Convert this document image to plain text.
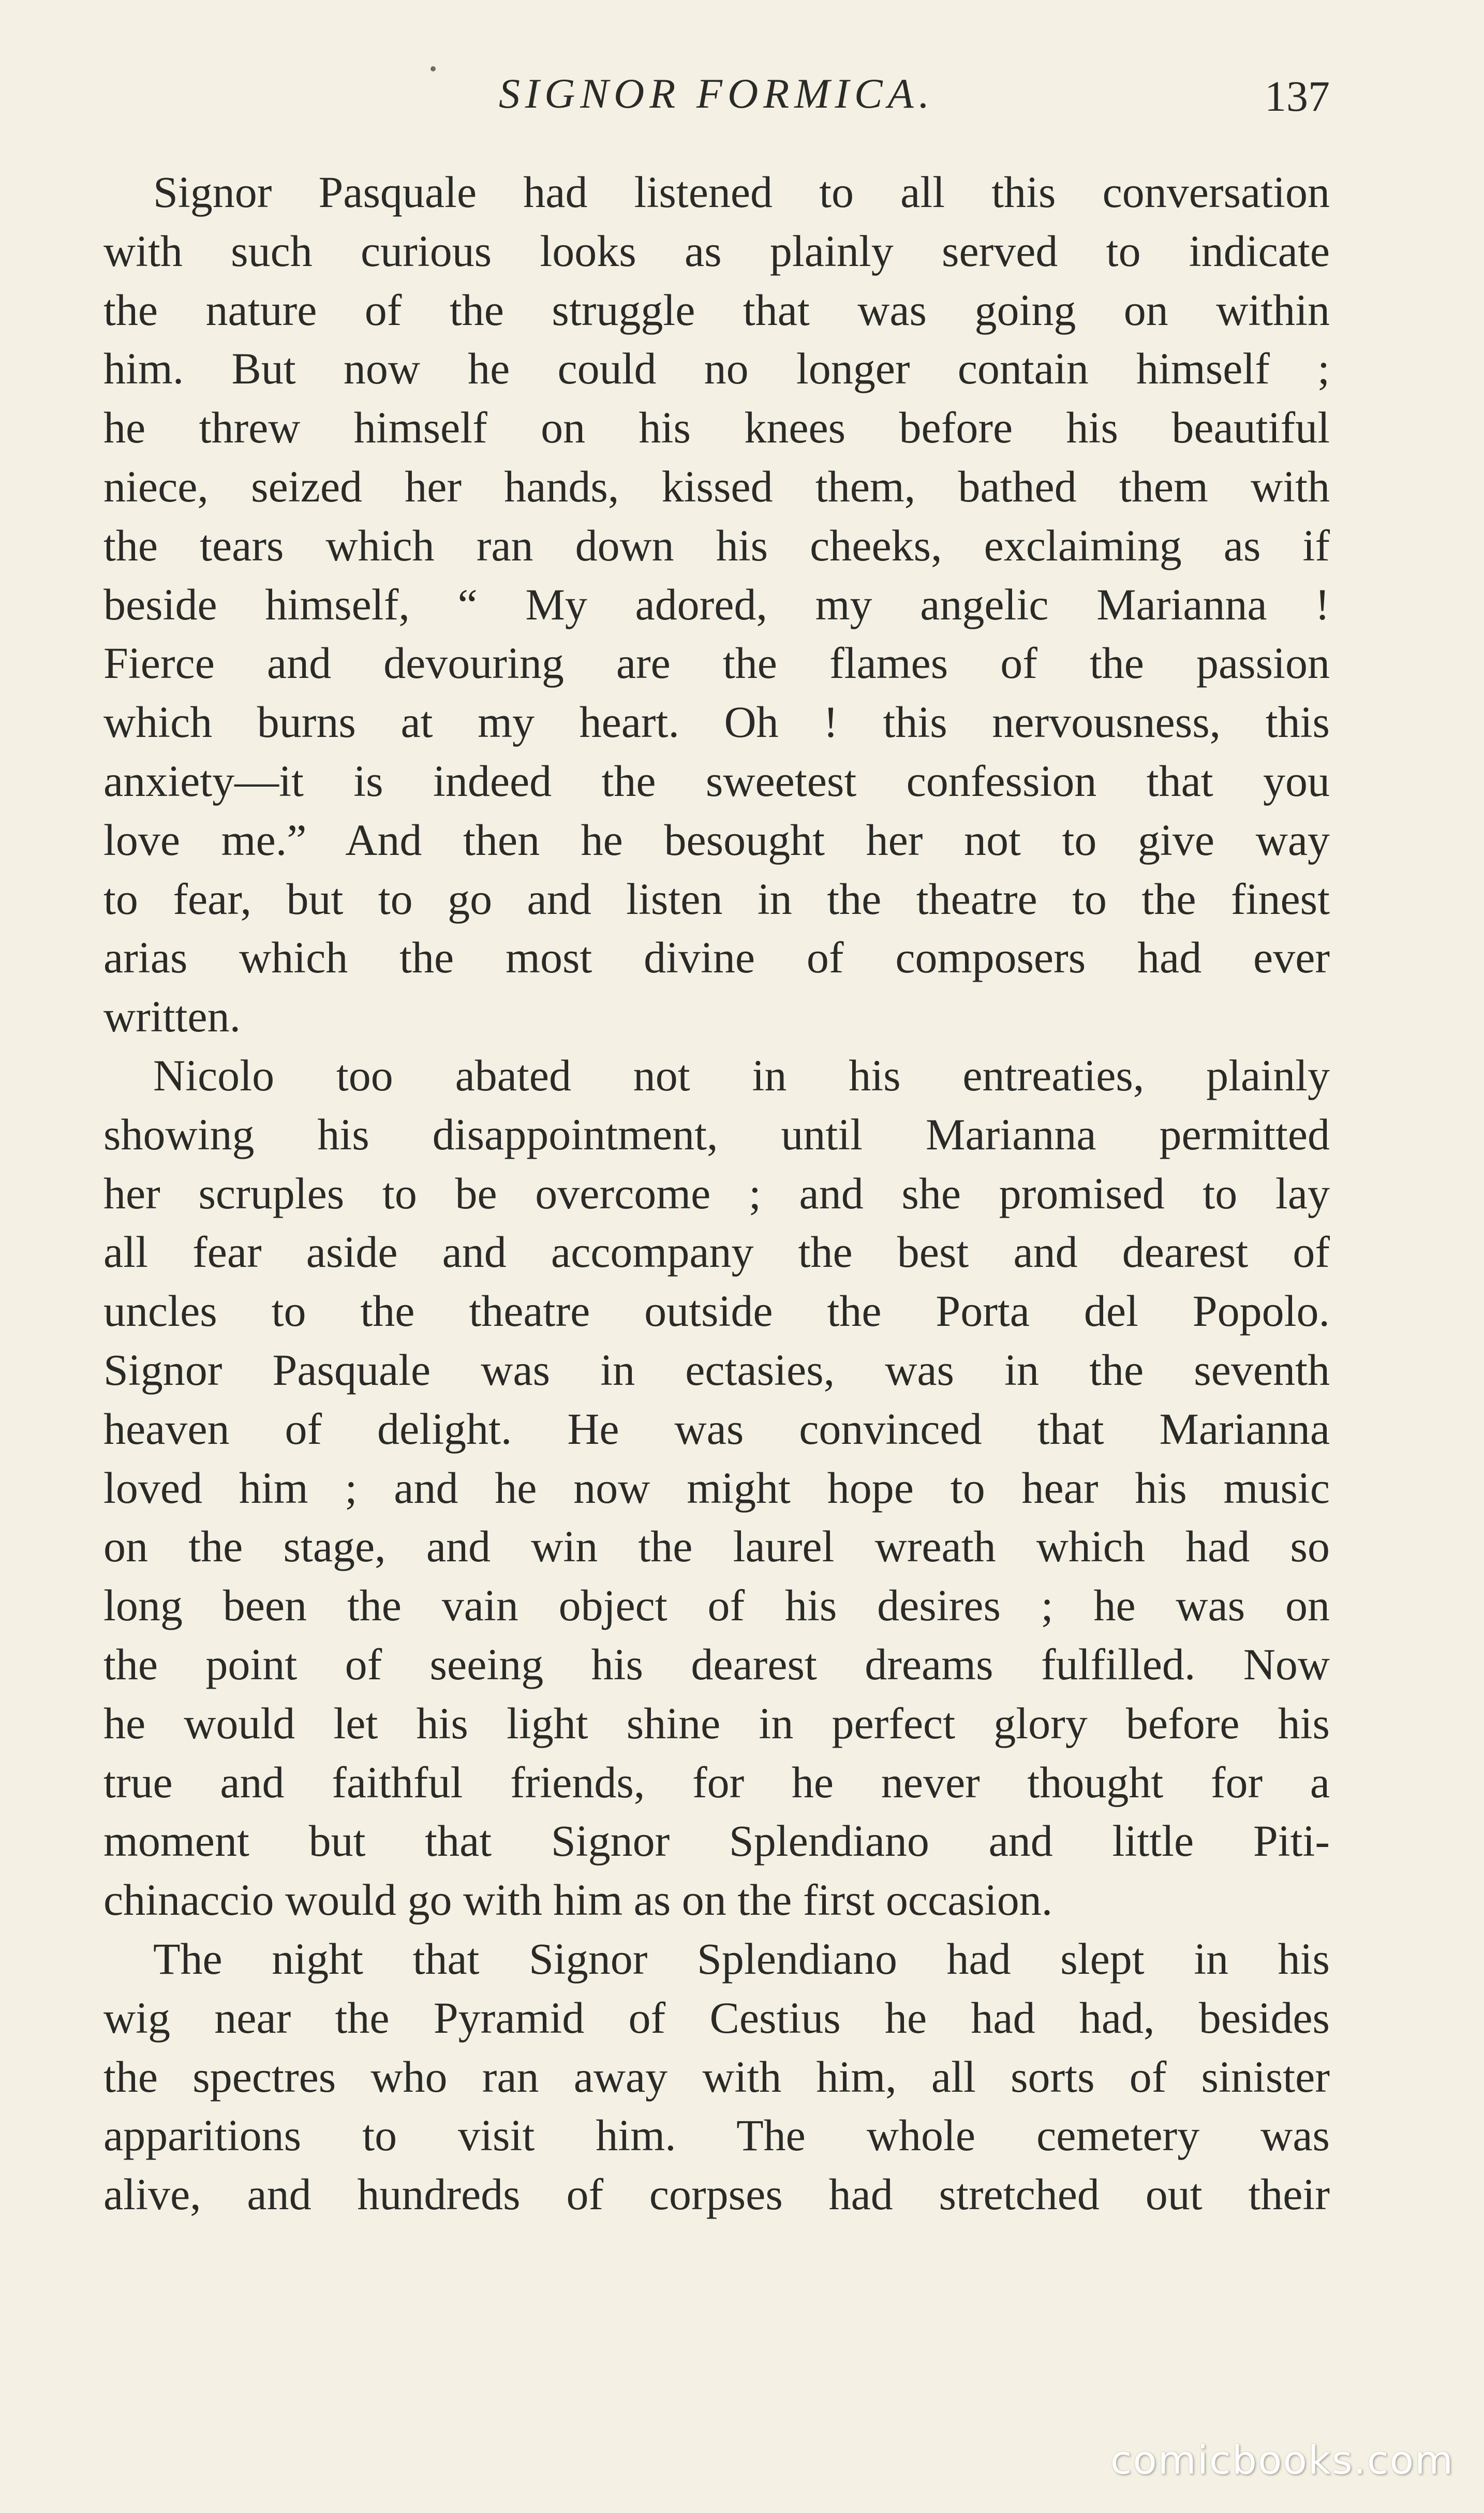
SIGNOR FORMICA.	137
Signor Pasquale had listened to all this conversation
with such curious looks as plainly served to indicate
the nature of the struggle that was going on within
him. But now he could no longer contain himself ;
he threw himself on his knees before his beautiful
niece, seized her hands, kissed them, bathed them with
the tears which ran down his cheeks, exclaiming as if
beside himself, “ My adored, my angelic Marianna !
Fierce and devouring are the flames of the passion
which burns at my heart. Oh ! this nervousness, this
anxiety—it is indeed the sweetest confession that you
love me.” And then he besought her not to give way
to fear, but to go and listen in the theatre to the finest
arias which the most divine of composers had ever
written.
Nicolo too abated not in his entreaties, plainly
showing his disappointment, until Marianna permitted
her scruples to be overcome ; and she promised to lay
all fear aside and accompany the best and dearest of
uncles to the theatre outside the Porta del Popolo.
Signor Pasquale was in ectasies, was in the seventh
heaven of delight. He was convinced that Marianna
loved him ; and he now might hope to hear his music
on the stage, and win the laurel wreath which had so
long been the vain object of his desires ; he was on
the point of seeing his dearest dreams fulfilled. Now
he would let his light shine in perfect glory before his
true and faithful friends, for he never thought for a
moment but that Signor Splendiano and little Piti-
chinaccio would go with him as on the first occasion.
The night that Signor Splendiano had slept in his
wig near the Pyramid of Cestius he had had, besides
the spectres who ran away with him, all sorts of sinister
apparitions to visit him. The whole cemetery was
alive, and hundreds of corpses had stretched out their
comicbooks.com
